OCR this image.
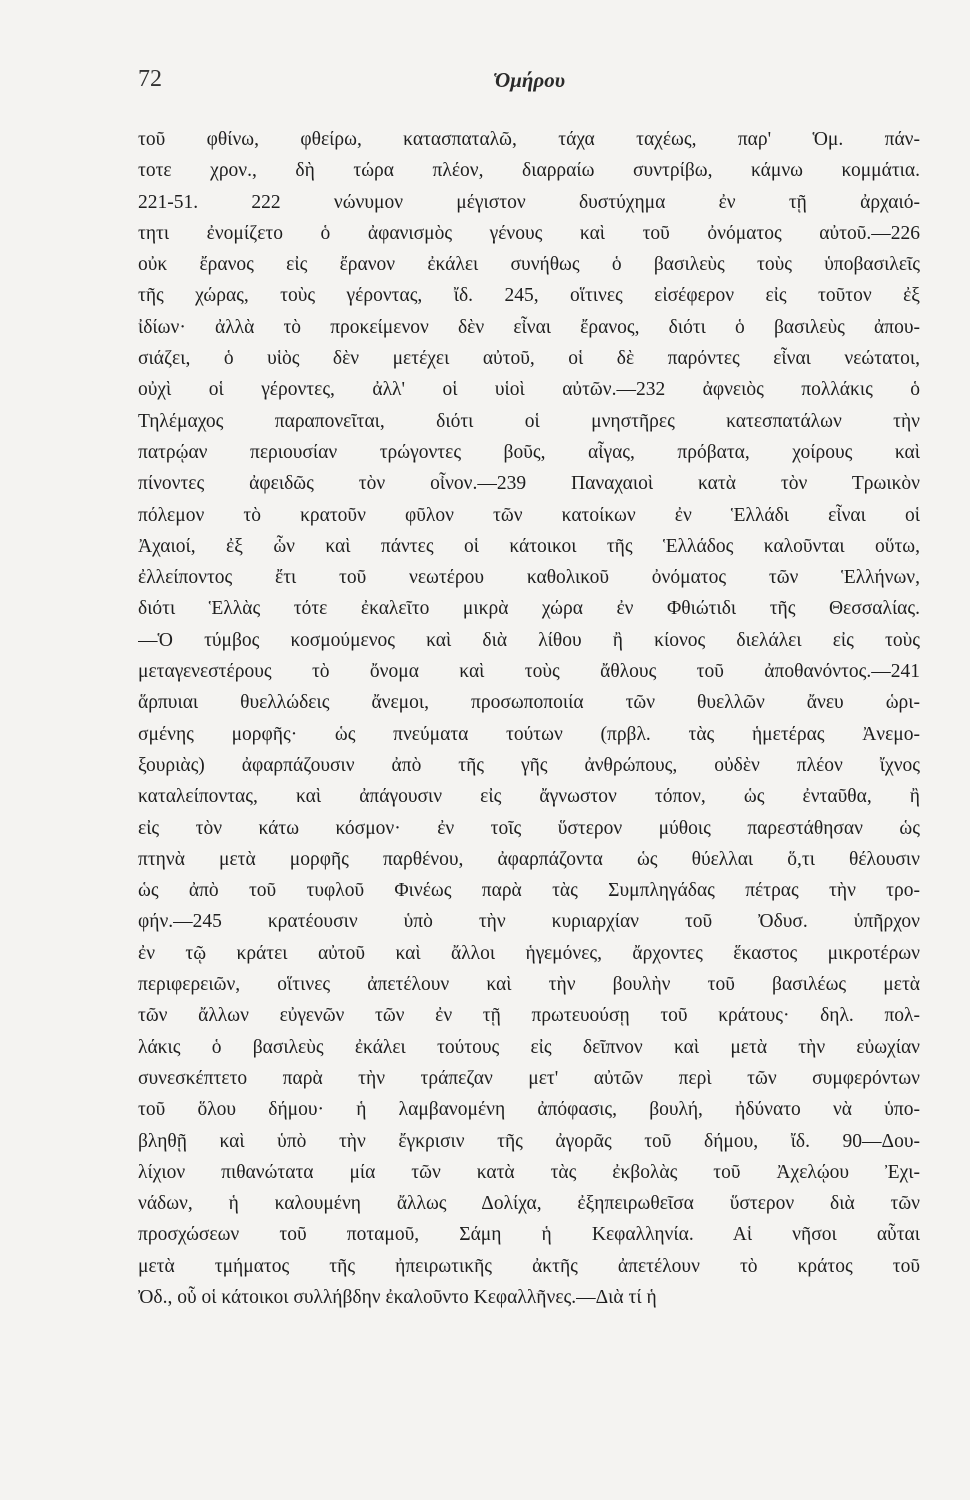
72	Ὁμήρου
τοῦ φθίνω, φθείρω, κατασπαταλῶ, τάχα ταχέως, παρ' Ὁμ. πάν-
τοτε χρον., δὴ τώρα πλέον, διαρραίω συντρίβω, κάμνω κομμάτια.
221-51. 222 νώνυμον μέγιστον δυστύχημα ἐν τῇ ἀρχαιό-
τητι ἐνομίζετο ὁ ἀφανισμὸς γένους καὶ τοῦ ὀνόματος αὐτοῦ.—226
οὐκ ἔρανος εἰς ἔρανον ἐκάλει συνήθως ὁ βασιλεὺς τοὺς ὑποβασιλεῖς
τῆς χώρας, τοὺς γέροντας, ἴδ. 245, οἵτινες εἰσέφερον εἰς τοῦτον ἐξ
ἰδίων· ἀλλὰ τὸ προκείμενον δὲν εἶναι ἔρανος, διότι ὁ βασιλεὺς ἀπου-
σιάζει, ὁ υἱὸς δὲν μετέχει αὐτοῦ, οἱ δὲ παρόντες εἶναι νεώτατοι,
οὐχὶ οἱ γέροντες, ἀλλ' οἱ υἱοὶ αὐτῶν.—232 ἀφνειὸς πολλάκις ὁ
Τηλέμαχος παραπονεῖται, διότι οἱ μνηστῆρες κατεσπατάλων τὴν
πατρῴαν περιουσίαν τρώγοντες βοῦς, αἶγας, πρόβατα, χοίρους καὶ
πίνοντες ἀφειδῶς τὸν οἶνον.—239 Παναχαιοὶ κατὰ τὸν Τρωικὸν
πόλεμον τὸ κρατοῦν φῦλον τῶν κατοίκων ἐν Ἑλλάδι εἶναι οἱ
Ἀχαιοί, ἐξ ὧν καὶ πάντες οἱ κάτοικοι τῆς Ἑλλάδος καλοῦνται οὕτω,
ἐλλείποντος ἔτι τοῦ νεωτέρου καθολικοῦ ὀνόματος τῶν Ἑλλήνων,
διότι Ἑλλὰς τότε ἐκαλεῖτο μικρὰ χώρα ἐν Φθιώτιδι τῆς Θεσσαλίας.
—Ὁ τύμβος κοσμούμενος καὶ διὰ λίθου ἢ κίονος διελάλει εἰς τοὺς
μεταγενεστέρους τὸ ὄνομα καὶ τοὺς ἄθλους τοῦ ἀποθανόντος.—241
ἅρπυιαι θυελλώδεις ἄνεμοι, προσωποποιία τῶν θυελλῶν ἄνευ ὡρι-
σμένης μορφῆς· ὡς πνεύματα τούτων (πρβλ. τὰς ἡμετέρας Ἀνεμο-
ξουριὰς) ἀφαρπάζουσιν ἀπὸ τῆς γῆς ἀνθρώπους, οὐδὲν πλέον ἴχνος
καταλείποντας, καὶ ἀπάγουσιν εἰς ἄγνωστον τόπον, ὡς ἐνταῦθα, ἢ
εἰς τὸν κάτω κόσμον· ἐν τοῖς ὕστερον μύθοις παρεστάθησαν ὡς
πτηνὰ μετὰ μορφῆς παρθένου, ἀφαρπάζοντα ὡς θύελλαι ὅ,τι θέλουσιν
ὡς ἀπὸ τοῦ τυφλοῦ Φινέως παρὰ τὰς Συμπληγάδας πέτρας τὴν τρο-
φήν.—245 κρατέουσιν ὑπὸ τὴν κυριαρχίαν τοῦ Ὀδυσ. ὑπῆρχον
ἐν τῷ κράτει αὐτοῦ καὶ ἄλλοι ἡγεμόνες, ἄρχοντες ἕκαστος μικροτέρων
περιφερειῶν, οἵτινες ἀπετέλουν καὶ τὴν βουλὴν τοῦ βασιλέως μετὰ
τῶν ἄλλων εὐγενῶν τῶν ἐν τῇ πρωτευούσῃ τοῦ κράτους· δηλ. πολ-
λάκις ὁ βασιλεὺς ἐκάλει τούτους εἰς δεῖπνον καὶ μετὰ τὴν εὐωχίαν
συνεσκέπτετο παρὰ τὴν τράπεζαν μετ' αὐτῶν περὶ τῶν συμφερόντων
τοῦ ὅλου δήμου· ἡ λαμβανομένη ἀπόφασις, βουλή, ἠδύνατο νὰ ὑπο-
βληθῇ καὶ ὑπὸ τὴν ἔγκρισιν τῆς ἀγορᾶς τοῦ δήμου, ἴδ. 90—Δου-
λίχιον πιθανώτατα μία τῶν κατὰ τὰς ἐκβολὰς τοῦ Ἀχελῴου Ἐχι-
νάδων, ἡ καλουμένη ἄλλως Δολίχα, ἐξηπειρωθεῖσα ὕστερον διὰ τῶν
προσχώσεων τοῦ ποταμοῦ, Σάμη ἡ Κεφαλληνία. Αἱ νῆσοι αὗται
μετὰ τμήματος τῆς ἠπειρωτικῆς ἀκτῆς ἀπετέλουν τὸ κράτος τοῦ
Ὀδ., οὗ οἱ κάτοικοι συλλήβδην ἐκαλοῦντο Κεφαλλῆνες.—Διὰ τί ἡ
